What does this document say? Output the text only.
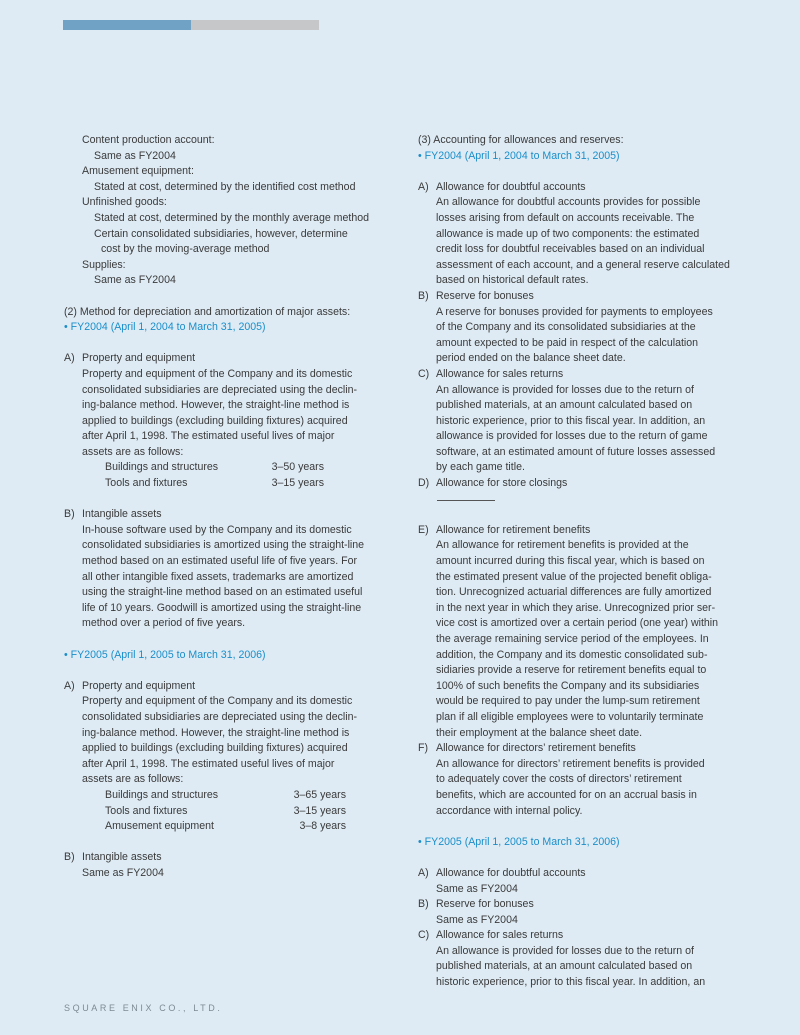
Content production account:
Same as FY2004
Amusement equipment:
Stated at cost, determined by the identified cost method
Unfinished goods:
Stated at cost, determined by the monthly average method
Certain consolidated subsidiaries, however, determine
cost by the moving-average method
Supplies:
Same as FY2004
(2) Method for depreciation and amortization of major assets:
• FY2004 (April 1, 2004 to March 31, 2005)
A) Property and equipment
Property and equipment of the Company and its domestic
consolidated subsidiaries are depreciated using the declin-
ing-balance method. However, the straight-line method is
applied to buildings (excluding building fixtures) acquired
after April 1, 1998. The estimated useful lives of major
assets are as follows:
Buildings and structures	3–50 years
Tools and fixtures	3–15 years
B) Intangible assets
In-house software used by the Company and its domestic
consolidated subsidiaries is amortized using the straight-line
method based on an estimated useful life of five years. For
all other intangible fixed assets, trademarks are amortized
using the straight-line method based on an estimated useful
life of 10 years. Goodwill is amortized using the straight-line
method over a period of five years.
• FY2005 (April 1, 2005 to March 31, 2006)
A) Property and equipment
Property and equipment of the Company and its domestic
consolidated subsidiaries are depreciated using the declin-
ing-balance method. However, the straight-line method is
applied to buildings (excluding building fixtures) acquired
after April 1, 1998. The estimated useful lives of major
assets are as follows:
Buildings and structures	3–65 years
Tools and fixtures	3–15 years
Amusement equipment	3–8 years
B) Intangible assets
Same as FY2004
(3) Accounting for allowances and reserves:
• FY2004 (April 1, 2004 to March 31, 2005)
A) Allowance for doubtful accounts
An allowance for doubtful accounts provides for possible
losses arising from default on accounts receivable. The
allowance is made up of two components: the estimated
credit loss for doubtful receivables based on an individual
assessment of each account, and a general reserve calculated
based on historical default rates.
B) Reserve for bonuses
A reserve for bonuses provided for payments to employees
of the Company and its consolidated subsidiaries at the
amount expected to be paid in respect of the calculation
period ended on the balance sheet date.
C) Allowance for sales returns
An allowance is provided for losses due to the return of
published materials, at an amount calculated based on
historic experience, prior to this fiscal year. In addition, an
allowance is provided for losses due to the return of game
software, at an estimated amount of future losses assessed
by each game title.
D) Allowance for store closings
E) Allowance for retirement benefits
An allowance for retirement benefits is provided at the
amount incurred during this fiscal year, which is based on
the estimated present value of the projected benefit obliga-
tion. Unrecognized actuarial differences are fully amortized
in the next year in which they arise. Unrecognized prior ser-
vice cost is amortized over a certain period (one year) within
the average remaining service period of the employees. In
addition, the Company and its domestic consolidated sub-
sidiaries provide a reserve for retirement benefits equal to
100% of such benefits the Company and its subsidiaries
would be required to pay under the lump-sum retirement
plan if all eligible employees were to voluntarily terminate
their employment at the balance sheet date.
F) Allowance for directors’ retirement benefits
An allowance for directors’ retirement benefits is provided
to adequately cover the costs of directors’ retirement
benefits, which are accounted for on an accrual basis in
accordance with internal policy.
• FY2005 (April 1, 2005 to March 31, 2006)
A) Allowance for doubtful accounts
Same as FY2004
B) Reserve for bonuses
Same as FY2004
C) Allowance for sales returns
An allowance is provided for losses due to the return of
published materials, at an amount calculated based on
historic experience, prior to this fiscal year. In addition, an
SQUARE ENIX CO., LTD.
